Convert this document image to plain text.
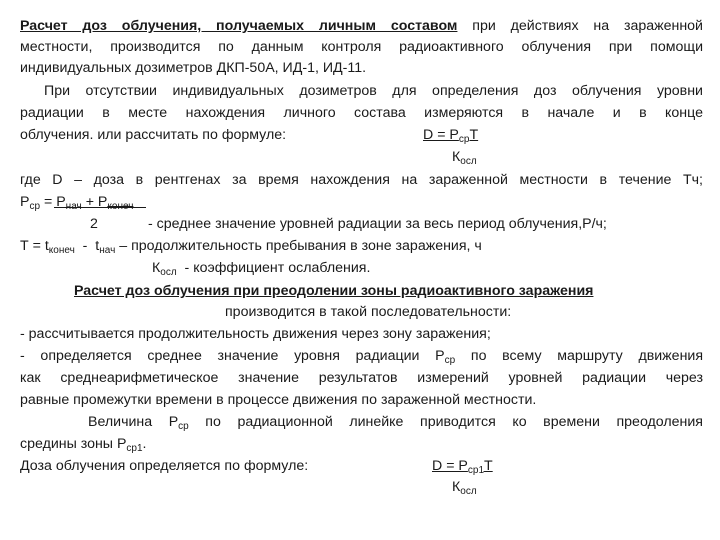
Расчет доз облучения, получаемых личным составом при действиях на зараженной
местности, производится по данным контроля радиоактивного облучения при помощи
индивидуальных дозиметров ДКП-50А, ИД-1, ИД-11.
При отсутствии индивидуальных дозиметров для определения доз облучения уровни
радиации в месте нахождения личного состава измеряются в начале и в конце
облучения. или рассчитать по формуле:	$D = P_{ср}T$
$К_{осл}$
где D – доза в рентгенах за время нахождения на зараженной местности в течение Тч;
$Р_{ср} = Р_{нач} + Р_{конеч}$
2	- среднее значение уровней радиации за весь период облучения,Р/ч;
$Т = t_{конеч} - t_{нач}$ – продолжительность пребывания в зоне заражения, ч
$К_{осл}$  - коэффициент ослабления.
Расчет доз облучения при преодолении зоны радиоактивного заражения
производится в такой последовательности:
- рассчитывается продолжительность движения через зону заражения;
- определяется среднее значение уровня радиации $Р_{ср}$ по всему маршруту движения
как среднеарифметическое значение результатов измерений уровней радиации через
равные промежутки времени в процессе движения по зараженной местности.
Величина $Р_{ср}$ по радиационной линейке приводится ко времени преодоления
средины зоны $Р_{ср1}$.
Доза облучения определяется по формуле:	$D = P_{ср1}T$
$К_{осл}$
